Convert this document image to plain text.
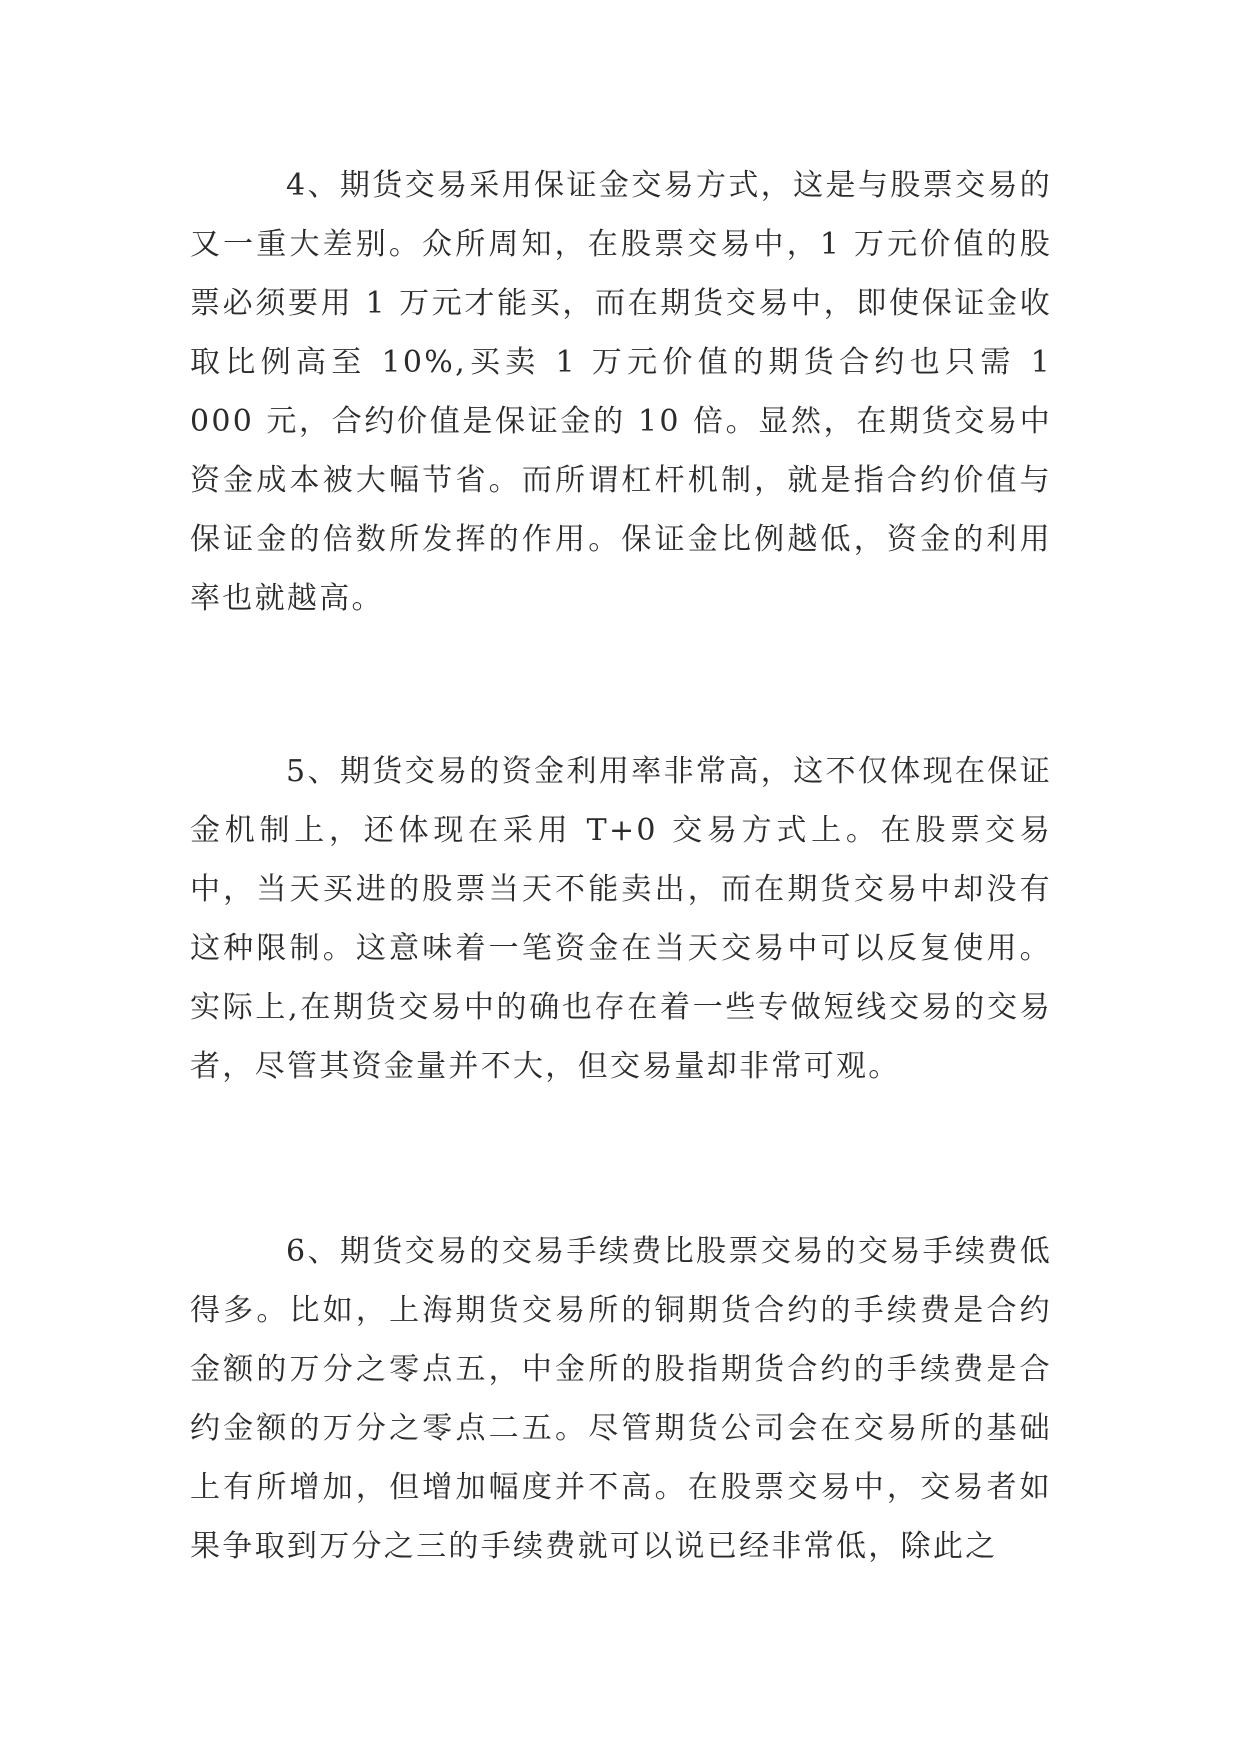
4、期货交易采用保证金交易方式，这是与股票交易的又一重大差别。众所周知，在股票交易中，1 万元价值的股票必须要用 1 万元才能买，而在期货交易中，即使保证金收取比例高至 10%,买卖 1 万元价值的期货合约也只需 1 000 元，合约价值是保证金的 10 倍。显然，在期货交易中资金成本被大幅节省。而所谓杠杆机制，就是指合约价值与保证金的倍数所发挥的作用。保证金比例越低，资金的利用率也就越高。

5、期货交易的资金利用率非常高，这不仅体现在保证金机制上，还体现在采用 T+0 交易方式上。在股票交易中，当天买进的股票当天不能卖出，而在期货交易中却没有这种限制。这意味着一笔资金在当天交易中可以反复使用。实际上,在期货交易中的确也存在着一些专做短线交易的交易者，尽管其资金量并不大，但交易量却非常可观。

6、期货交易的交易手续费比股票交易的交易手续费低得多。比如，上海期货交易所的铜期货合约的手续费是合约金额的万分之零点五，中金所的股指期货合约的手续费是合约金额的万分之零点二五。尽管期货公司会在交易所的基础上有所增加，但增加幅度并不高。在股票交易中，交易者如果争取到万分之三的手续费就可以说已经非常低，除此之
